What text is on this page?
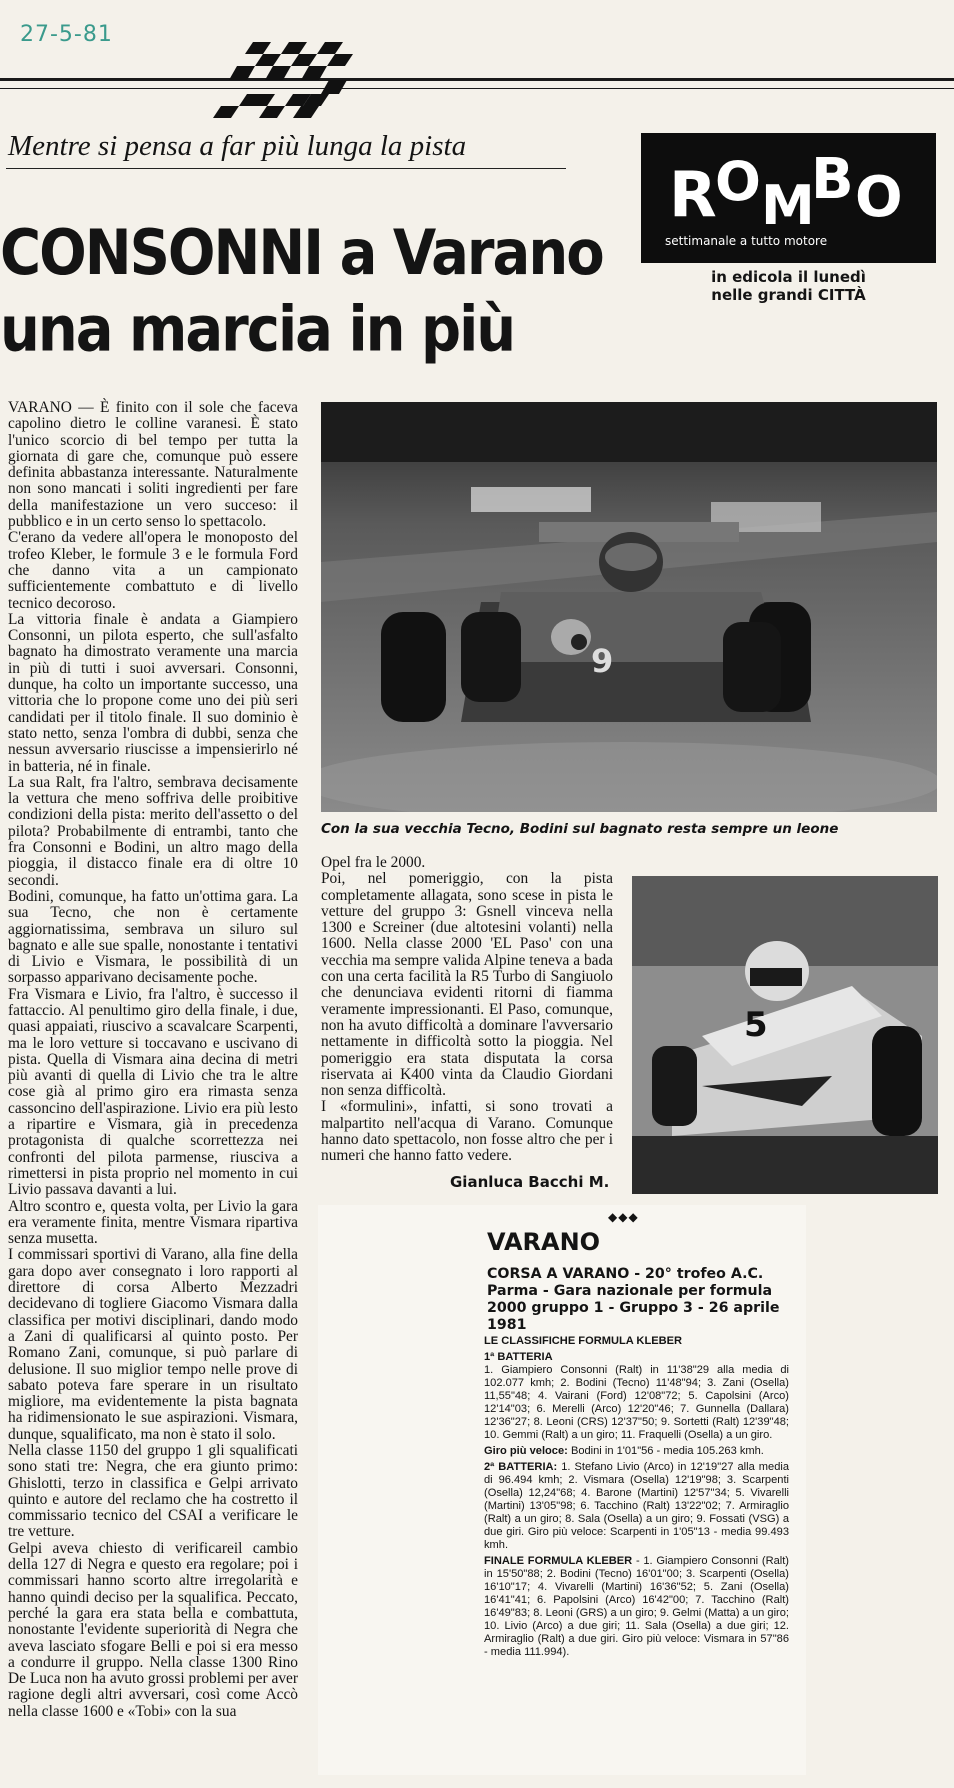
27-5-81
Mentre si pensa a far più lunga la pista
CONSONNI a Varano
una marcia in più
R
O M
B O
settimanale a tutto motore
in edicola il lunedì
nelle grandi CITTÀ

VARANO — È finito con il sole che faceva capolino dietro le colline varanesi. È stato l'unico scorcio di bel tempo per tutta la giornata di gare che, comunque può essere definita abbastanza interessante. Naturalmente non sono mancati i soliti ingredienti per fare della manifestazione un vero succeso: il pubblico e in un certo senso lo spettacolo.

C'erano da vedere all'opera le monoposto del trofeo Kleber, le formule 3 e le formula Ford che danno vita a un campionato sufficientemente combattuto e di livello tecnico decoroso.

La vittoria finale è andata a Giampiero Consonni, un pilota esperto, che sull'asfalto bagnato ha dimostrato veramente una marcia in più di tutti i suoi avversari. Consonni, dunque, ha colto un importante successo, una vittoria che lo propone come uno dei più seri candidati per il titolo finale. Il suo dominio è stato netto, senza l'ombra di dubbi, senza che nessun avversario riuscisse a impensierirlo né in batteria, né in finale.

La sua Ralt, fra l'altro, sembrava decisamente la vettura che meno soffriva delle proibitive condizioni della pista: merito dell'assetto o del pilota? Probabilmente di entrambi, tanto che fra Consonni e Bodini, un altro mago della pioggia, il distacco finale era di oltre 10 secondi.

Bodini, comunque, ha fatto un'ottima gara. La sua Tecno, che non è certamente aggiornatissima, sembrava un siluro sul bagnato e alle sue spalle, nonostante i tentativi di Livio e Vismara, le possibilità di un sorpasso apparivano decisamente poche.

Fra Vismara e Livio, fra l'altro, è successo il fattaccio. Al penultimo giro della finale, i due, quasi appaiati, riuscivo a scavalcare Scarpenti, ma le loro vetture si toccavano e uscivano di pista. Quella di Vismara aina decina di metri più avanti di quella di Livio che tra le altre cose già al primo giro era rimasta senza cassoncino dell'aspirazione. Livio era più lesto a ripartire e Vismara, già in precedenza protagonista di qualche scorrettezza nei confronti del pilota parmense, riusciva a rimettersi in pista proprio nel momento in cui Livio passava davanti a lui.

Altro scontro e, questa volta, per Livio la gara era veramente finita, mentre Vismara ripartiva senza musetta.

I commissari sportivi di Varano, alla fine della gara dopo aver consegnato i loro rapporti al direttore di corsa Alberto Mezzadri decidevano di togliere Giacomo Vismara dalla classifica per motivi disciplinari, dando modo a Zani di qualificarsi al quinto posto. Per Romano Zani, comunque, si può parlare di delusione. Il suo miglior tempo nelle prove di sabato poteva fare sperare in un risultato migliore, ma evidentemente la pista bagnata ha ridimensionato le sue aspirazioni. Vismara, dunque, squalificato, ma non è stato il solo.

Nella classe 1150 del gruppo 1 gli squalificati sono stati tre: Negra, che era giunto primo: Ghislotti, terzo in classifica e Gelpi arrivato quinto e autore del reclamo che ha costretto il commissario tecnico del CSAI a verificare le tre vetture.

Gelpi aveva chiesto di verificareil cambio della 127 di Negra e questo era regolare; poi i commissari hanno scorto altre irregolarità e hanno quindi deciso per la squalifica. Peccato, perché la gara era stata bella e combattuta, nonostante l'evidente superiorità di Negra che aveva lasciato sfogare Belli e poi si era messo a condurre il gruppo. Nella classe 1300 Rino De Luca non ha avuto grossi problemi per aver ragione degli altri avversari, così come Accò nella classe 1600 e «Tobi» con la sua

9
Con la sua vecchia Tecno, Bodini sul bagnato resta sempre un leone

Opel fra le 2000.

Poi, nel pomeriggio, con la pista completamente allagata, sono scese in pista le vetture del gruppo 3: Gsnell vinceva nella 1300 e Screiner (due altotesini volanti) nella 1600. Nella classe 2000 'EL Paso' con una vecchia ma sempre valida Alpine teneva a bada con una certa facilità la R5 Turbo di Sangiuolo che denunciava evidenti ritorni di fiamma veramente impressionanti. El Paso, comunque, non ha avuto difficoltà a dominare l'avversario nettamente in difficoltà sotto la pioggia. Nel pomeriggio era stata disputata la corsa riservata ai K400 vinta da Claudio Giordani non senza difficoltà.

I «formulini», infatti, si sono trovati a malpartito nell'acqua di Varano. Comunque hanno dato spettacolo, non fosse altro che per i numeri che hanno fatto vedere.

5
Gianluca Bacchi M.
◆◆◆
VARANO
CORSA A VARANO - 20° trofeo A.C. Parma - Gara nazionale per formula 2000 gruppo 1 - Gruppo 3 - 26 aprile 1981

LE CLASSIFICHE FORMULA KLEBER

1ª BATTERIA
1. Giampiero Consonni (Ralt) in 11'38"29 alla media di 102.077 kmh; 2. Bodini (Tecno) 11'48"94; 3. Zani (Osella) 11,55"48; 4. Vairani (Ford) 12'08"72; 5. Capolsini (Arco) 12'14"03; 6. Merelli (Arco) 12'20"46; 7. Gunnella (Dallara) 12'36"27; 8. Leoni (CRS) 12'37"50; 9. Sortetti (Ralt) 12'39"48; 10. Gemmi (Ralt) a un giro; 11. Fraquelli (Osella) a un giro.

Giro più veloce: Bodini in 1'01"56 - media 105.263 kmh.

2ª BATTERIA: 1. Stefano Livio (Arco) in 12'19"27 alla media di 96.494 kmh; 2. Vismara (Osella) 12'19"98; 3. Scarpenti (Osella) 12,24"68; 4. Barone (Martini) 12'57"34; 5. Vivarelli (Martini) 13'05"98; 6. Tacchino (Ralt) 13'22"02; 7. Armiraglio (Ralt) a un giro; 8. Sala (Osella) a un giro; 9. Fossati (VSG) a due giri. Giro più veloce: Scarpenti in 1'05"13 - media 99.493 kmh.

FINALE FORMULA KLEBER - 1. Giampiero Consonni (Ralt) in 15'50"88; 2. Bodini (Tecno) 16'01"00; 3. Scarpenti (Osella) 16'10"17; 4. Vivarelli (Martini) 16'36"52; 5. Zani (Osella) 16'41"41; 6. Papolsini (Arco) 16'42"00; 7. Tacchino (Ralt) 16'49"83; 8. Leoni (GRS) a un giro; 9. Gelmi (Matta) a un giro; 10. Livio (Arco) a due giri; 11. Sala (Osella) a due giri; 12. Armiraglio (Ralt) a due giri. Giro più veloce: Vismara in 57"86 - media 111.994).
